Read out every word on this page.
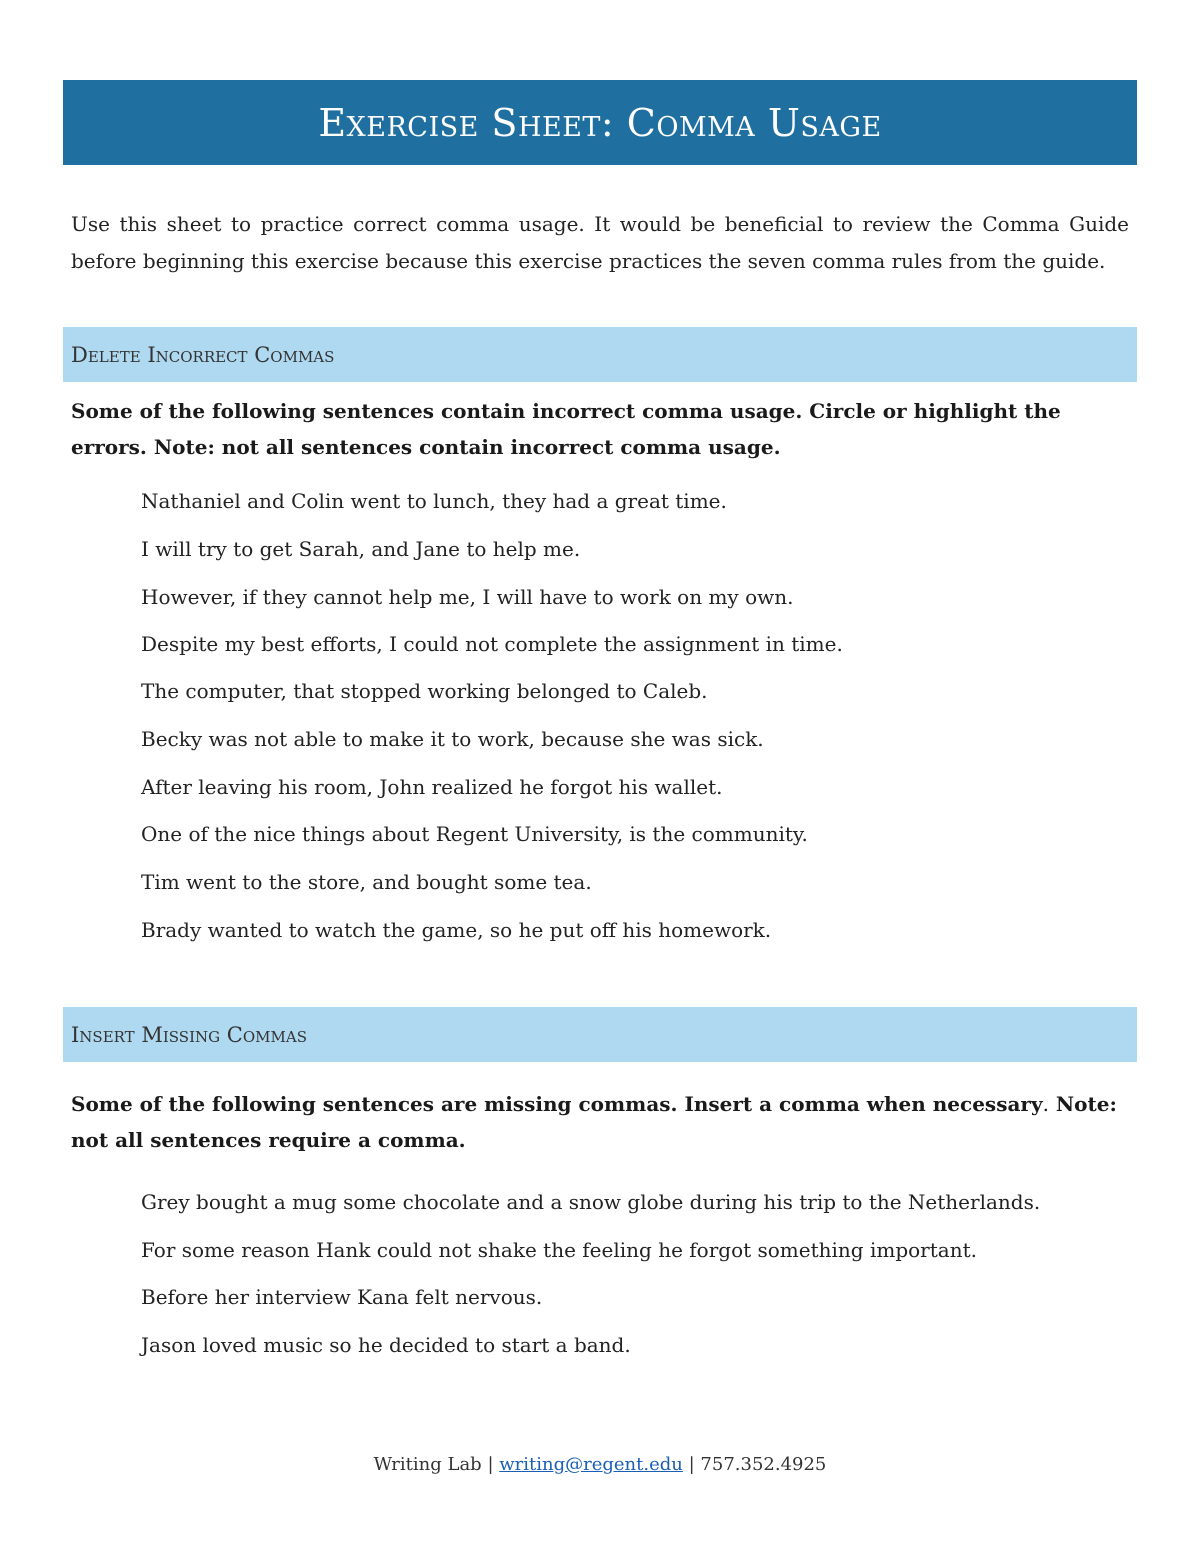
Exercise Sheet: Comma Usage

Use this sheet to practice correct comma usage. It would be beneficial to review the Comma Guide before beginning this exercise because this exercise practices the seven comma rules from the guide.

Delete Incorrect Commas

Some of the following sentences contain incorrect comma usage. Circle or highlight the errors. Note: not all sentences contain incorrect comma usage.

Nathaniel and Colin went to lunch, they had a great time.
I will try to get Sarah, and Jane to help me.
However, if they cannot help me, I will have to work on my own.
Despite my best efforts, I could not complete the assignment in time.
The computer, that stopped working belonged to Caleb.
Becky was not able to make it to work, because she was sick.
After leaving his room, John realized he forgot his wallet.
One of the nice things about Regent University, is the community.
Tim went to the store, and bought some tea.
Brady wanted to watch the game, so he put off his homework.
Insert Missing Commas

Some of the following sentences are missing commas. Insert a comma when necessary. Note: not all sentences require a comma.

Grey bought a mug some chocolate and a snow globe during his trip to the Netherlands.
For some reason Hank could not shake the feeling he forgot something important.
Before her interview Kana felt nervous.
Jason loved music so he decided to start a band.
Writing Lab | writing@regent.edu | 757.352.4925
